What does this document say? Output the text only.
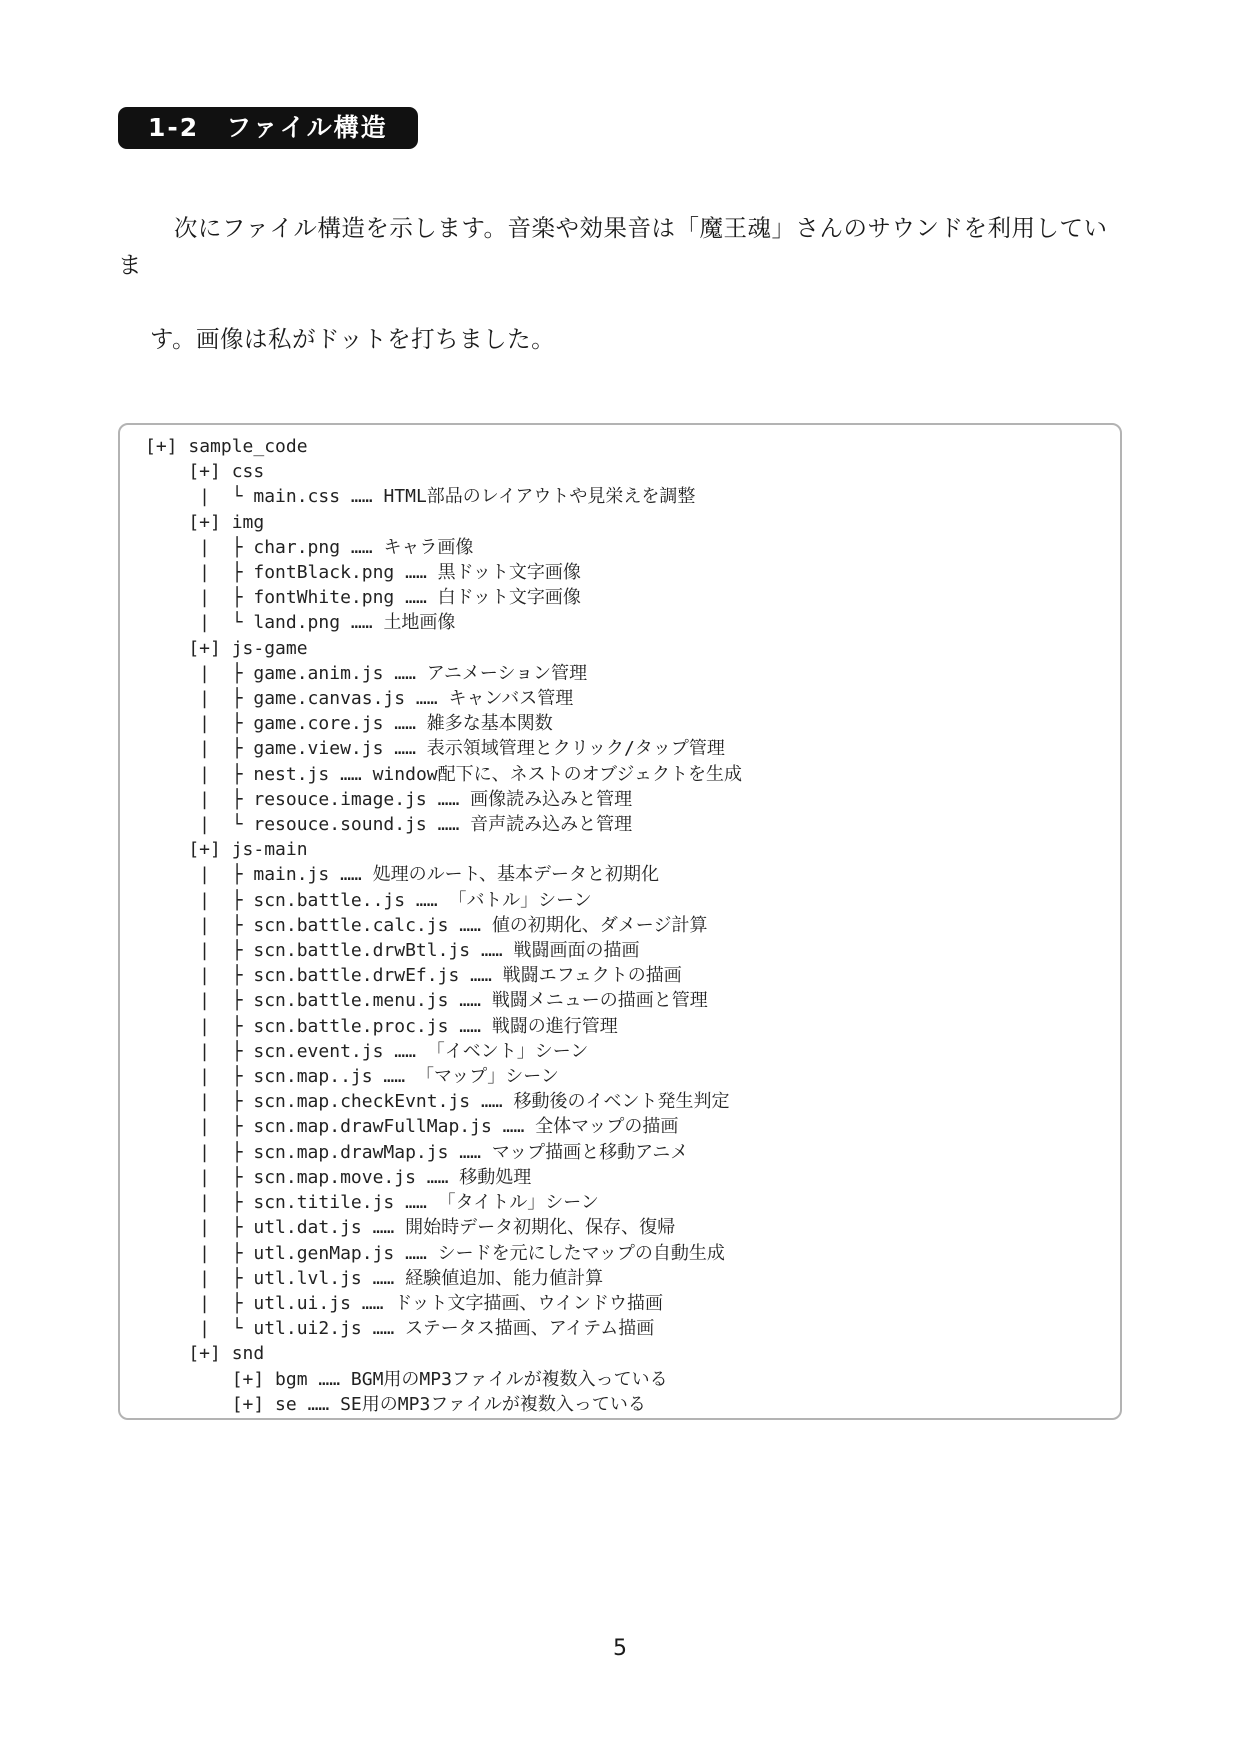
1-2　ファイル構造

　次にファイル構造を示します。音楽や効果音は「魔王魂」さんのサウンドを利用していま

す。画像は私がドットを打ちました。

[+] sample_code
[+] css
|  └ main.css …… HTML部品のレイアウトや見栄えを調整
[+] img
|  ├ char.png …… キャラ画像
|  ├ fontBlack.png …… 黒ドット文字画像
|  ├ fontWhite.png …… 白ドット文字画像
|  └ land.png …… 土地画像
[+] js-game
|  ├ game.anim.js …… アニメーション管理
|  ├ game.canvas.js …… キャンバス管理
|  ├ game.core.js …… 雑多な基本関数
|  ├ game.view.js …… 表示領域管理とクリック/タップ管理
|  ├ nest.js …… window配下に、ネストのオブジェクトを生成
|  ├ resouce.image.js …… 画像読み込みと管理
|  └ resouce.sound.js …… 音声読み込みと管理
[+] js-main
|  ├ main.js …… 処理のルート、基本データと初期化
|  ├ scn.battle..js …… 「バトル」シーン
|  ├ scn.battle.calc.js …… 値の初期化、ダメージ計算
|  ├ scn.battle.drwBtl.js …… 戦闘画面の描画
|  ├ scn.battle.drwEf.js …… 戦闘エフェクトの描画
|  ├ scn.battle.menu.js …… 戦闘メニューの描画と管理
|  ├ scn.battle.proc.js …… 戦闘の進行管理
|  ├ scn.event.js …… 「イベント」シーン
|  ├ scn.map..js …… 「マップ」シーン
|  ├ scn.map.checkEvnt.js …… 移動後のイベント発生判定
|  ├ scn.map.drawFullMap.js …… 全体マップの描画
|  ├ scn.map.drawMap.js …… マップ描画と移動アニメ
|  ├ scn.map.move.js …… 移動処理
|  ├ scn.titile.js …… 「タイトル」シーン
|  ├ utl.dat.js …… 開始時データ初期化、保存、復帰
|  ├ utl.genMap.js …… シードを元にしたマップの自動生成
|  ├ utl.lvl.js …… 経験値追加、能力値計算
|  ├ utl.ui.js …… ドット文字描画、ウインドウ描画
|  └ utl.ui2.js …… ステータス描画、アイテム描画
[+] snd
[+] bgm …… BGM用のMP3ファイルが複数入っている
[+] se …… SE用のMP3ファイルが複数入っている
5
